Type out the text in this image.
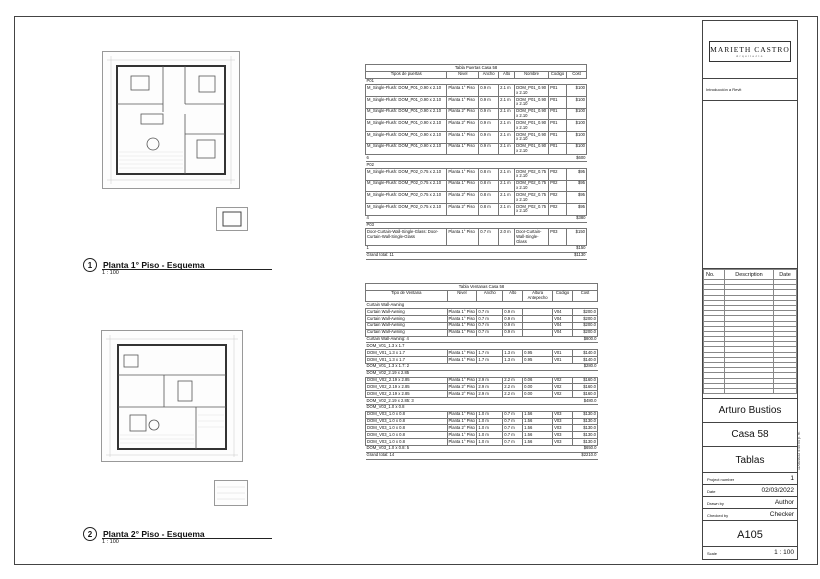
1	Planta 1° Piso - Esquema
1 : 100
2	Planta 2° Piso - Esquema
1 : 100
Tabla Puertas Casa 58						
Tipos de puertas	Nivel	Ancho	Alto	Nombre	Codigo	Cost
P01						
M_Single-Flush: DOM_P01_0.90 x 2.10	Planta 1° Piso	0.9 m	2.1 m	DOM_P01_0.90 x 2.10	P01	$100
M_Single-Flush: DOM_P01_0.90 x 2.10	Planta 1° Piso	0.9 m	2.1 m	DOM_P01_0.90 x 2.10	P01	$100
M_Single-Flush: DOM_P01_0.90 x 2.10	Planta 2° Piso	0.9 m	2.1 m	DOM_P01_0.90 x 2.10	P01	$100
M_Single-Flush: DOM_P01_0.90 x 2.10	Planta 2° Piso	0.9 m	2.1 m	DOM_P01_0.90 x 2.10	P01	$100
M_Single-Flush: DOM_P01_0.90 x 2.10	Planta 1° Piso	0.9 m	2.1 m	DOM_P01_0.90 x 2.10	P01	$100
M_Single-Flush: DOM_P01_0.90 x 2.10	Planta 1° Piso	0.9 m	2.1 m	DOM_P01_0.90 x 2.10	P01	$100
6						$600
P02						
M_Single-Flush: DOM_P02_0.75 x 2.10	Planta 1° Piso	0.8 m	2.1 m	DOM_P02_0.75 x 2.10	P02	$95
M_Single-Flush: DOM_P02_0.75 x 2.10	Planta 1° Piso	0.8 m	2.1 m	DOM_P02_0.75 x 2.10	P02	$95
M_Single-Flush: DOM_P02_0.75 x 2.10	Planta 2° Piso	0.8 m	2.1 m	DOM_P02_0.75 x 2.10	P02	$95
M_Single-Flush: DOM_P02_0.75 x 2.10	Planta 2° Piso	0.8 m	2.1 m	DOM_P02_0.75 x 2.10	P02	$95
4						$380
P03						
Door-Curtain-Wall-Single-Glass: Door-Curtain-Wall-Single-Glass	Planta 1° Piso	0.7 m	2.0 m	Door-Curtain-Wall-Single-Glass	P03	$150
1						$150
Grand total: 11						$1130
Tabla Ventanas Casa 58						
Tipo de Ventana	Nivel	Ancho	Alto	Altura Antepecho	Codigo	Cost
Curtain Wall-Awning						
Curtain Wall-Awning	Planta 1° Piso	0.7 m	0.9 m		V04	$200.0
Curtain Wall-Awning	Planta 1° Piso	0.7 m	0.9 m		V04	$200.0
Curtain Wall-Awning	Planta 1° Piso	0.7 m	0.9 m		V04	$200.0
Curtain Wall-Awning	Planta 1° Piso	0.7 m	0.9 m		V04	$200.0
Curtain Wall-Awning: 4						$800.0
DOM_V01_1.3 x 1.7						
DOM_V01_1.3 x 1.7	Planta 1° Piso	1.7 m	1.3 m	0.95	V01	$140.0
DOM_V01_1.3 x 1.7	Planta 1° Piso	1.7 m	1.3 m	0.95	V01	$140.0
DOM_V01_1.3 x 1.7: 2						$280.0
DOM_V02_2.19 x 2.85						
DOM_V02_2.19 x 2.85	Planta 1° Piso	2.9 m	2.2 m	0.06	V02	$160.0
DOM_V02_2.19 x 2.85	Planta 2° Piso	2.9 m	2.2 m	0.00	V02	$160.0
DOM_V02_2.19 x 2.85	Planta 2° Piso	2.9 m	2.2 m	0.00	V02	$160.0
DOM_V02_2.19 x 2.85: 3						$480.0
DOM_V03_1.0 x 0.8						
DOM_V03_1.0 x 0.8	Planta 1° Piso	1.0 m	0.7 m	1.56	V03	$130.0
DOM_V03_1.0 x 0.8	Planta 1° Piso	1.0 m	0.7 m	1.56	V03	$130.0
DOM_V03_1.0 x 0.8	Planta 2° Piso	1.0 m	0.7 m	1.56	V03	$130.0
DOM_V03_1.0 x 0.8	Planta 1° Piso	1.0 m	0.7 m	1.56	V03	$130.0
DOM_V03_1.0 x 0.8	Planta 1° Piso	1.0 m	0.7 m	1.56	V03	$130.0
DOM_V03_1.0 x 0.8: 5						$650.0
Grand total: 14						$2210.0
MARIETH CASTRO
Arquitecto
Introducción a Revit
No.	Description	Date

Arturo Bustios
Casa 58
Tablas
Project number	1
Date	02/03/2022
Drawn by	Author
Checked by	Checker
A105
Scale	1 : 100
11/05/2022 4:45:54 p. m.
